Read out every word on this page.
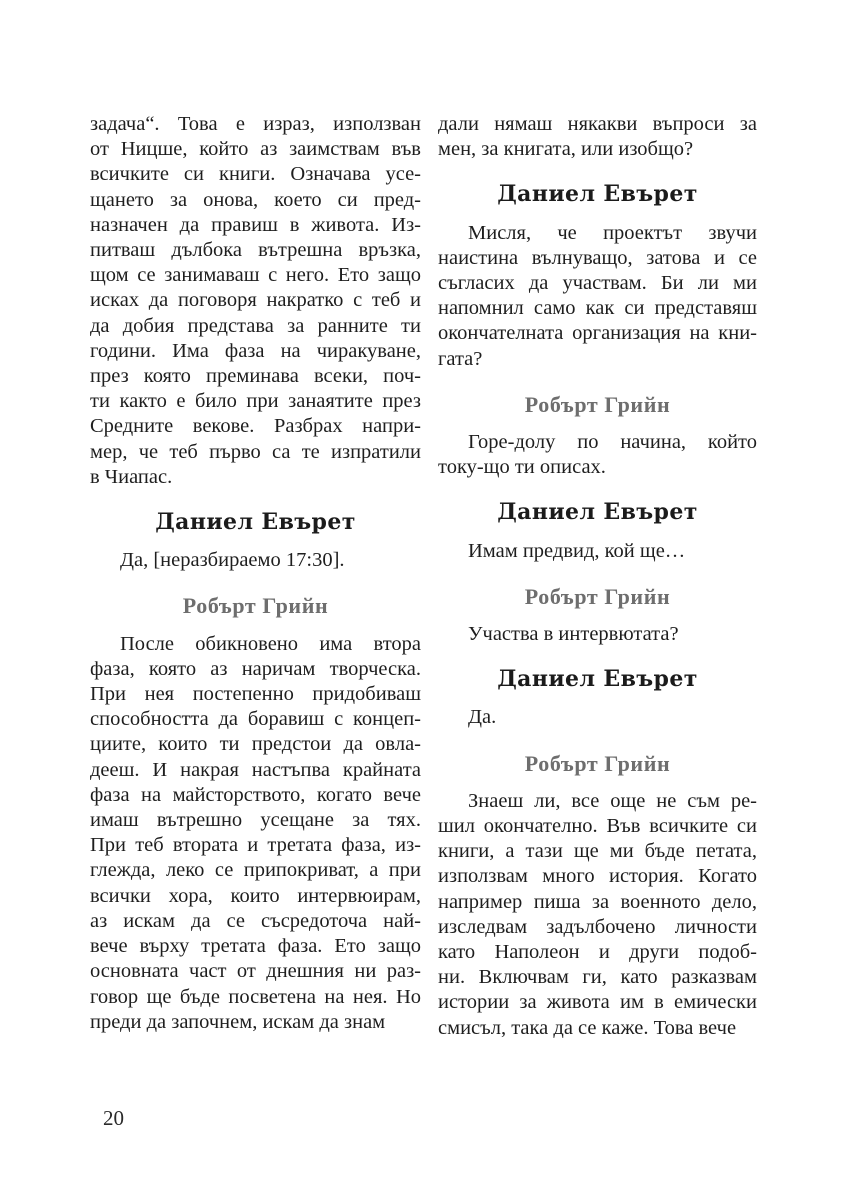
задача“. Това е израз, използван
от Ницше, който аз заимствам във
всичките си книги. Означава усе-
щането за онова, което си пред-
назначен да правиш в живота. Из-
питваш дълбока вътрешна връзка,
щом се занимаваш с него. Ето защо
исках да поговоря накратко с теб и
да добия представа за ранните ти
години. Има фаза на чиракуване,
през която преминава всеки, поч-
ти както е било при занаятите през
Средните векове. Разбрах напри-
мер, че теб първо са те изпратили
в Чиапас.
Даниел Евърет
Да, [неразбираемо 17:30].
Робърт Грийн
После обикновено има втора
фаза, която аз наричам творческа.
При нея постепенно придобиваш
способността да боравиш с концеп-
циите, които ти предстои да овла-
дееш. И накрая настъпва крайната
фаза на майсторството, когато вече
имаш вътрешно усещане за тях.
При теб втората и третата фаза, из-
глежда, леко се припокриват, а при
всички хора, които интервюирам,
аз искам да се съсредоточа най-
вече върху третата фаза. Ето защо
основната част от днешния ни раз-
говор ще бъде посветена на нея. Но
преди да започнем, искам да знам
дали нямаш някакви въпроси за
мен, за книгата, или изобщо?
Даниел Евърет
Мисля, че проектът звучи
наистина вълнуващо, затова и се
съгласих да участвам. Би ли ми
напомнил само как си представяш
окончателната организация на кни-
гата?
Робърт Грийн
Горе-долу по начина, който
току-що ти описах.
Даниел Евърет
Имам предвид, кой ще…
Робърт Грийн
Участва в интервютата?
Даниел Евърет
Да.
Робърт Грийн
Знаеш ли, все още не съм ре-
шил окончателно. Във всичките си
книги, а тази ще ми бъде петата,
използвам много история. Когато
например пиша за военното дело,
изследвам задълбочено личности
като Наполеон и други подоб-
ни. Включвам ги, като разказвам
истории за живота им в емически
смисъл, така да се каже. Това вече
20
